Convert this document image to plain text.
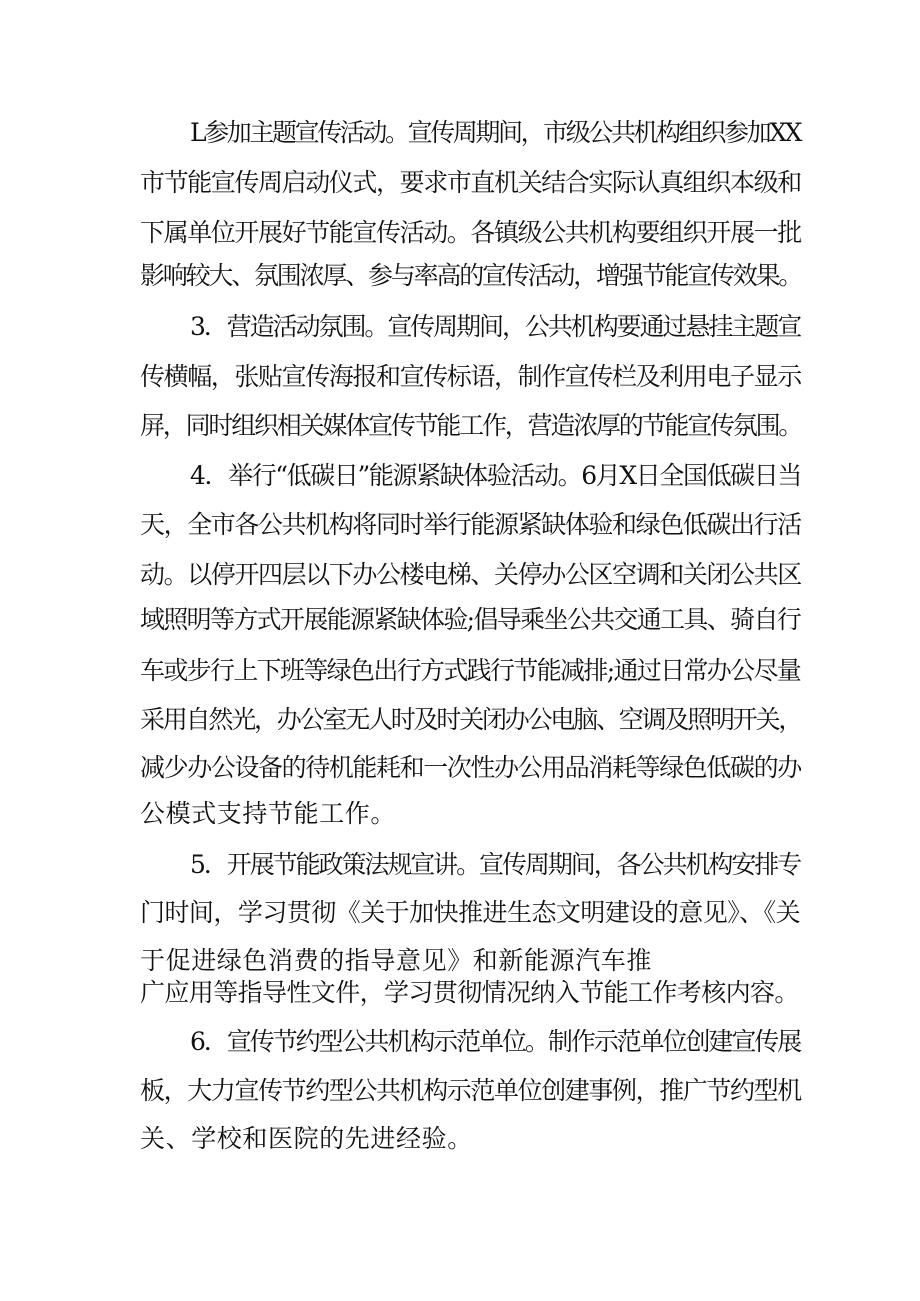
L参加主题宣传活动。宣传周期间，市级公共机构组织参加XX
市节能宣传周启动仪式，要求市直机关结合实际认真组织本级和
下属单位开展好节能宣传活动。各镇级公共机构要组织开展一批
影响较大、氛围浓厚、参与率高的宣传活动，增强节能宣传效果。
3．营造活动氛围。宣传周期间，公共机构要通过悬挂主题宣
传横幅，张贴宣传海报和宣传标语，制作宣传栏及利用电子显示
屏，同时组织相关媒体宣传节能工作，营造浓厚的节能宣传氛围。
4．举行“低碳日”能源紧缺体验活动。6月X日全国低碳日当
天，全市各公共机构将同时举行能源紧缺体验和绿色低碳出行活
动。以停开四层以下办公楼电梯、关停办公区空调和关闭公共区
域照明等方式开展能源紧缺体验;倡导乘坐公共交通工具、骑自行
车或步行上下班等绿色出行方式践行节能减排;通过日常办公尽量
采用自然光，办公室无人时及时关闭办公电脑、空调及照明开关，
减少办公设备的待机能耗和一次性办公用品消耗等绿色低碳的办
公模式支持节能工作。
5．开展节能政策法规宣讲。宣传周期间，各公共机构安排专
门时间，学习贯彻《关于加快推进生态文明建设的意见》、《关
于促进绿色消费的指导意见》和新能源汽车推
广应用等指导性文件，学习贯彻情况纳入节能工作考核内容。
6．宣传节约型公共机构示范单位。制作示范单位创建宣传展
板，大力宣传节约型公共机构示范单位创建事例，推广节约型机
关、学校和医院的先进经验。
